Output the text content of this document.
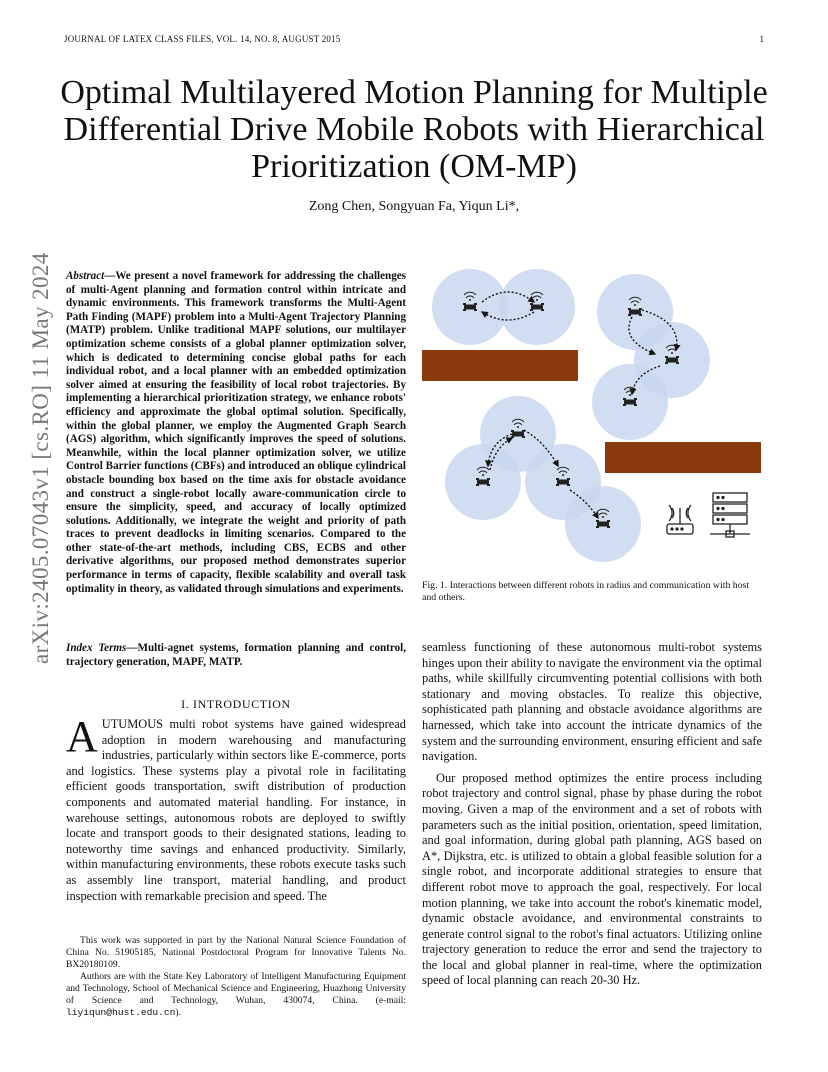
JOURNAL OF LATEX CLASS FILES, VOL. 14, NO. 8, AUGUST 2015	1
Optimal Multilayered Motion Planning for Multiple Differential Drive Mobile Robots with Hierarchical Prioritization (OM-MP)
Zong Chen, Songyuan Fa, Yiqun Li*,
arXiv:2405.07043v1 [cs.RO] 11 May 2024 Abstract—We present a novel framework for addressing the challenges of multi-Agent planning and formation control within intricate and dynamic environments. This framework transforms the Multi-Agent Path Finding (MAPF) problem into a Multi-Agent Trajectory Planning (MATP) problem. Unlike traditional MAPF solutions, our multilayer optimization scheme consists of a global planner optimization solver, which is dedicated to determining concise global paths for each individual robot, and a local planner with an embedded optimization solver aimed at ensuring the feasibility of local robot trajectories. By implementing a hierarchical prioritization strategy, we enhance robots' efficiency and approximate the global optimal solution. Specifically, within the global planner, we employ the Augmented Graph Search (AGS) algorithm, which significantly improves the speed of solutions. Meanwhile, within the local planner optimization solver, we utilize Control Barrier functions (CBFs) and introduced an oblique cylindrical obstacle bounding box based on the time axis for obstacle avoidance and construct a single-robot locally aware-communication circle to ensure the simplicity, speed, and accuracy of locally optimized solutions. Additionally, we integrate the weight and priority of path traces to prevent deadlocks in limiting scenarios. Compared to the other state-of-the-art methods, including CBS, ECBS and other derivative algorithms, our proposed method demonstrates superior performance in terms of capacity, flexible scalability and overall task optimality in theory, as validated through simulations and experiments.
Index Terms—Multi-agnet systems, formation planning and control, trajectory generation, MAPF, MATP.
I. INTRODUCTION
AUTUMOUS multi robot systems have gained widespread adoption in modern warehousing and manufacturing industries, particularly within sectors like E-commerce, ports and logistics. These systems play a pivotal role in facilitating efficient goods transportation, swift distribution of production components and automated material handling. For instance, in warehouse settings, autonomous robots are deployed to swiftly locate and transport goods to their designated stations, leading to noteworthy time savings and enhanced productivity. Similarly, within manufacturing environments, these robots execute tasks such as assembly line transport, material handling, and product inspection with remarkable precision and speed. The

This work was supported in part by the National Natural Science Foundation of China No. 51905185, National Postdoctoral Program for Innovative Talents No. BX20180109.

Authors are with the State Key Laboratory of Intelligent Manufacturing Equipment and Technology, School of Mechanical Science and Engineering, Huazhong University of Science and Technology, Wuhan, 430074, China. (e-mail: liyiqun@hust.edu.cn).

Fig. 1. Interactions between different robots in radius and communication with host and others.

seamless functioning of these autonomous multi-robot systems hinges upon their ability to navigate the environment via the optimal paths, while skillfully circumventing potential collisions with both stationary and moving obstacles. To realize this objective, sophisticated path planning and obstacle avoidance algorithms are harnessed, which take into account the intricate dynamics of the system and the surrounding environment, ensuring efficient and safe navigation.

Our proposed method optimizes the entire process including robot trajectory and control signal, phase by phase during the robot moving. Given a map of the environment and a set of robots with parameters such as the initial position, orientation, speed limitation, and goal information, during global path planning, AGS based on A*, Dijkstra, etc. is utilized to obtain a global feasible solution for a single robot, and incorporate additional strategies to ensure that different robot move to approach the goal, respectively. For local motion planning, we take into account the robot's kinematic model, dynamic obstacle avoidance, and environmental constraints to generate control signal to the robot's final actuators. Utilizing online trajectory generation to reduce the error and send the trajectory to the local and global planner in real-time, where the optimization speed of local planning can reach 20-30 Hz.
